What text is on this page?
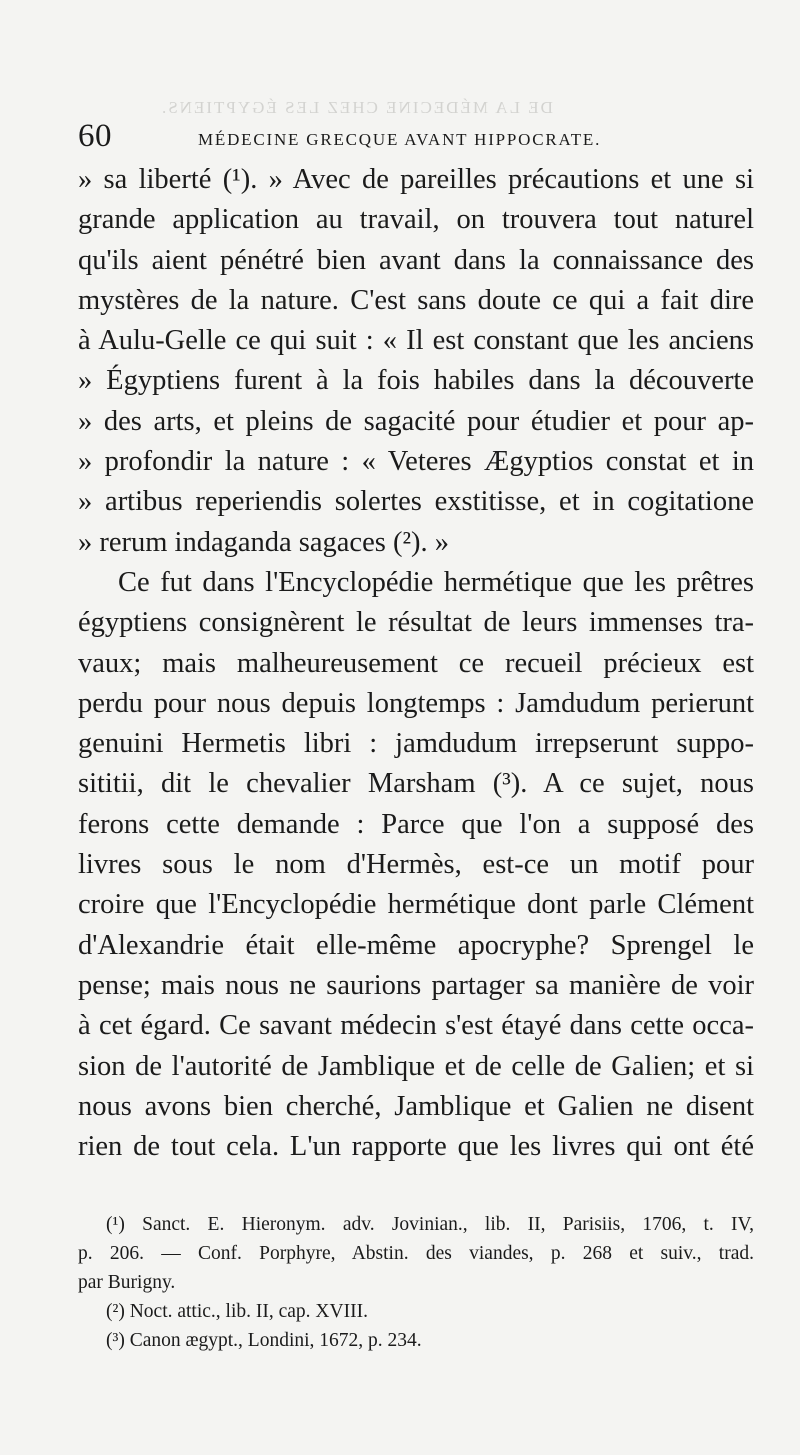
DE LA MÉDECINE CHEZ LES ÉGYPTIENS.
60	MÉDECINE GRECQUE AVANT HIPPOCRATE.

» sa liberté (¹). » Avec de pareilles précautions et une si
grande application au travail, on trouvera tout naturel
qu'ils aient pénétré bien avant dans la connaissance des
mystères de la nature. C'est sans doute ce qui a fait dire
à Aulu-Gelle ce qui suit : « Il est constant que les anciens
» Égyptiens furent à la fois habiles dans la découverte
» des arts, et pleins de sagacité pour étudier et pour ap-
» profondir la nature : « Veteres Ægyptios constat et in
» artibus reperiendis solertes exstitisse, et in cogitatione
» rerum indaganda sagaces (²). »

Ce fut dans l'Encyclopédie hermétique que les prêtres
égyptiens consignèrent le résultat de leurs immenses tra-
vaux; mais malheureusement ce recueil précieux est
perdu pour nous depuis longtemps : Jamdudum perierunt
genuini Hermetis libri : jamdudum irrepserunt suppo-
sititii, dit le chevalier Marsham (³). A ce sujet, nous
ferons cette demande : Parce que l'on a supposé des
livres sous le nom d'Hermès, est-ce un motif pour
croire que l'Encyclopédie hermétique dont parle Clément
d'Alexandrie était elle-même apocryphe? Sprengel le
pense; mais nous ne saurions partager sa manière de voir
à cet égard. Ce savant médecin s'est étayé dans cette occa-
sion de l'autorité de Jamblique et de celle de Galien; et si
nous avons bien cherché, Jamblique et Galien ne disent
rien de tout cela. L'un rapporte que les livres qui ont été

(¹) Sanct. E. Hieronym. adv. Jovinian., lib. II, Parisiis, 1706, t. IV,
p. 206. — Conf. Porphyre, Abstin. des viandes, p. 268 et suiv., trad.
par Burigny.
(²) Noct. attic., lib. II, cap. XVIII.
(³) Canon ægypt., Londini, 1672, p. 234.
